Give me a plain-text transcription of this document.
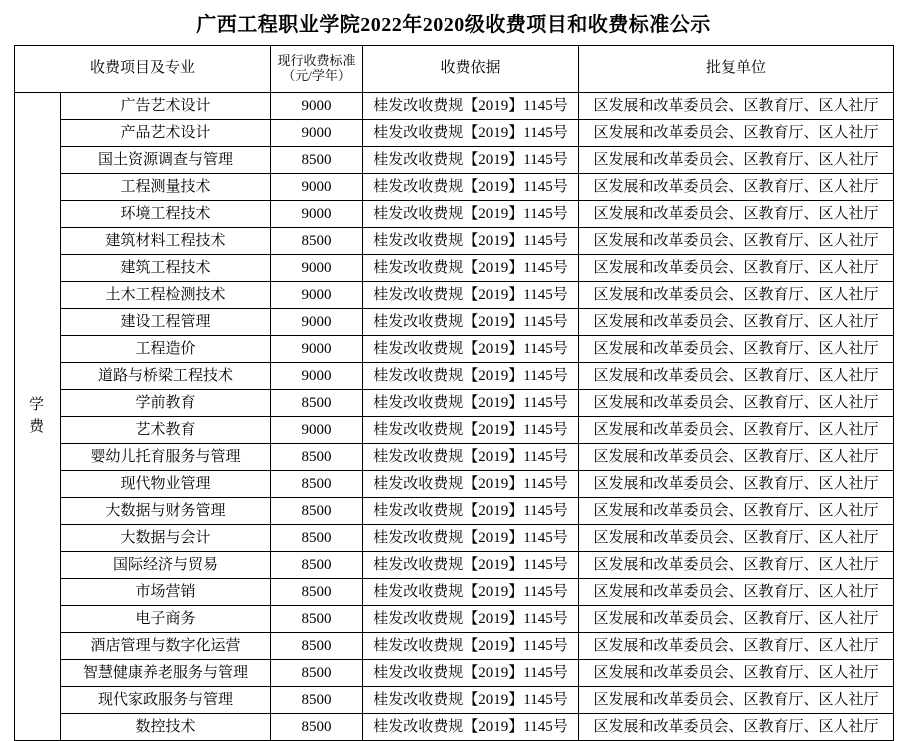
广西工程职业学院2022年2020级收费项目和收费标准公示
收费项目及专业		现行收费标准（元/学年）	收费依据	批复单位

学
费	广告艺术设计	9000	桂发改收费规【2019】1145号	区发展和改革委员会、区教育厅、区人社厅
	产品艺术设计	9000	桂发改收费规【2019】1145号	区发展和改革委员会、区教育厅、区人社厅
	国土资源调查与管理	8500	桂发改收费规【2019】1145号	区发展和改革委员会、区教育厅、区人社厅
	工程测量技术	9000	桂发改收费规【2019】1145号	区发展和改革委员会、区教育厅、区人社厅
	环境工程技术	9000	桂发改收费规【2019】1145号	区发展和改革委员会、区教育厅、区人社厅
	建筑材料工程技术	8500	桂发改收费规【2019】1145号	区发展和改革委员会、区教育厅、区人社厅
	建筑工程技术	9000	桂发改收费规【2019】1145号	区发展和改革委员会、区教育厅、区人社厅
	土木工程检测技术	9000	桂发改收费规【2019】1145号	区发展和改革委员会、区教育厅、区人社厅
	建设工程管理	9000	桂发改收费规【2019】1145号	区发展和改革委员会、区教育厅、区人社厅
	工程造价	9000	桂发改收费规【2019】1145号	区发展和改革委员会、区教育厅、区人社厅
	道路与桥梁工程技术	9000	桂发改收费规【2019】1145号	区发展和改革委员会、区教育厅、区人社厅
	学前教育	8500	桂发改收费规【2019】1145号	区发展和改革委员会、区教育厅、区人社厅
	艺术教育	9000	桂发改收费规【2019】1145号	区发展和改革委员会、区教育厅、区人社厅
	婴幼儿托育服务与管理	8500	桂发改收费规【2019】1145号	区发展和改革委员会、区教育厅、区人社厅
	现代物业管理	8500	桂发改收费规【2019】1145号	区发展和改革委员会、区教育厅、区人社厅
	大数据与财务管理	8500	桂发改收费规【2019】1145号	区发展和改革委员会、区教育厅、区人社厅
	大数据与会计	8500	桂发改收费规【2019】1145号	区发展和改革委员会、区教育厅、区人社厅
	国际经济与贸易	8500	桂发改收费规【2019】1145号	区发展和改革委员会、区教育厅、区人社厅
	市场营销	8500	桂发改收费规【2019】1145号	区发展和改革委员会、区教育厅、区人社厅
	电子商务	8500	桂发改收费规【2019】1145号	区发展和改革委员会、区教育厅、区人社厅
	酒店管理与数字化运营	8500	桂发改收费规【2019】1145号	区发展和改革委员会、区教育厅、区人社厅
	智慧健康养老服务与管理	8500	桂发改收费规【2019】1145号	区发展和改革委员会、区教育厅、区人社厅
	现代家政服务与管理	8500	桂发改收费规【2019】1145号	区发展和改革委员会、区教育厅、区人社厅
	数控技术	8500	桂发改收费规【2019】1145号	区发展和改革委员会、区教育厅、区人社厅
